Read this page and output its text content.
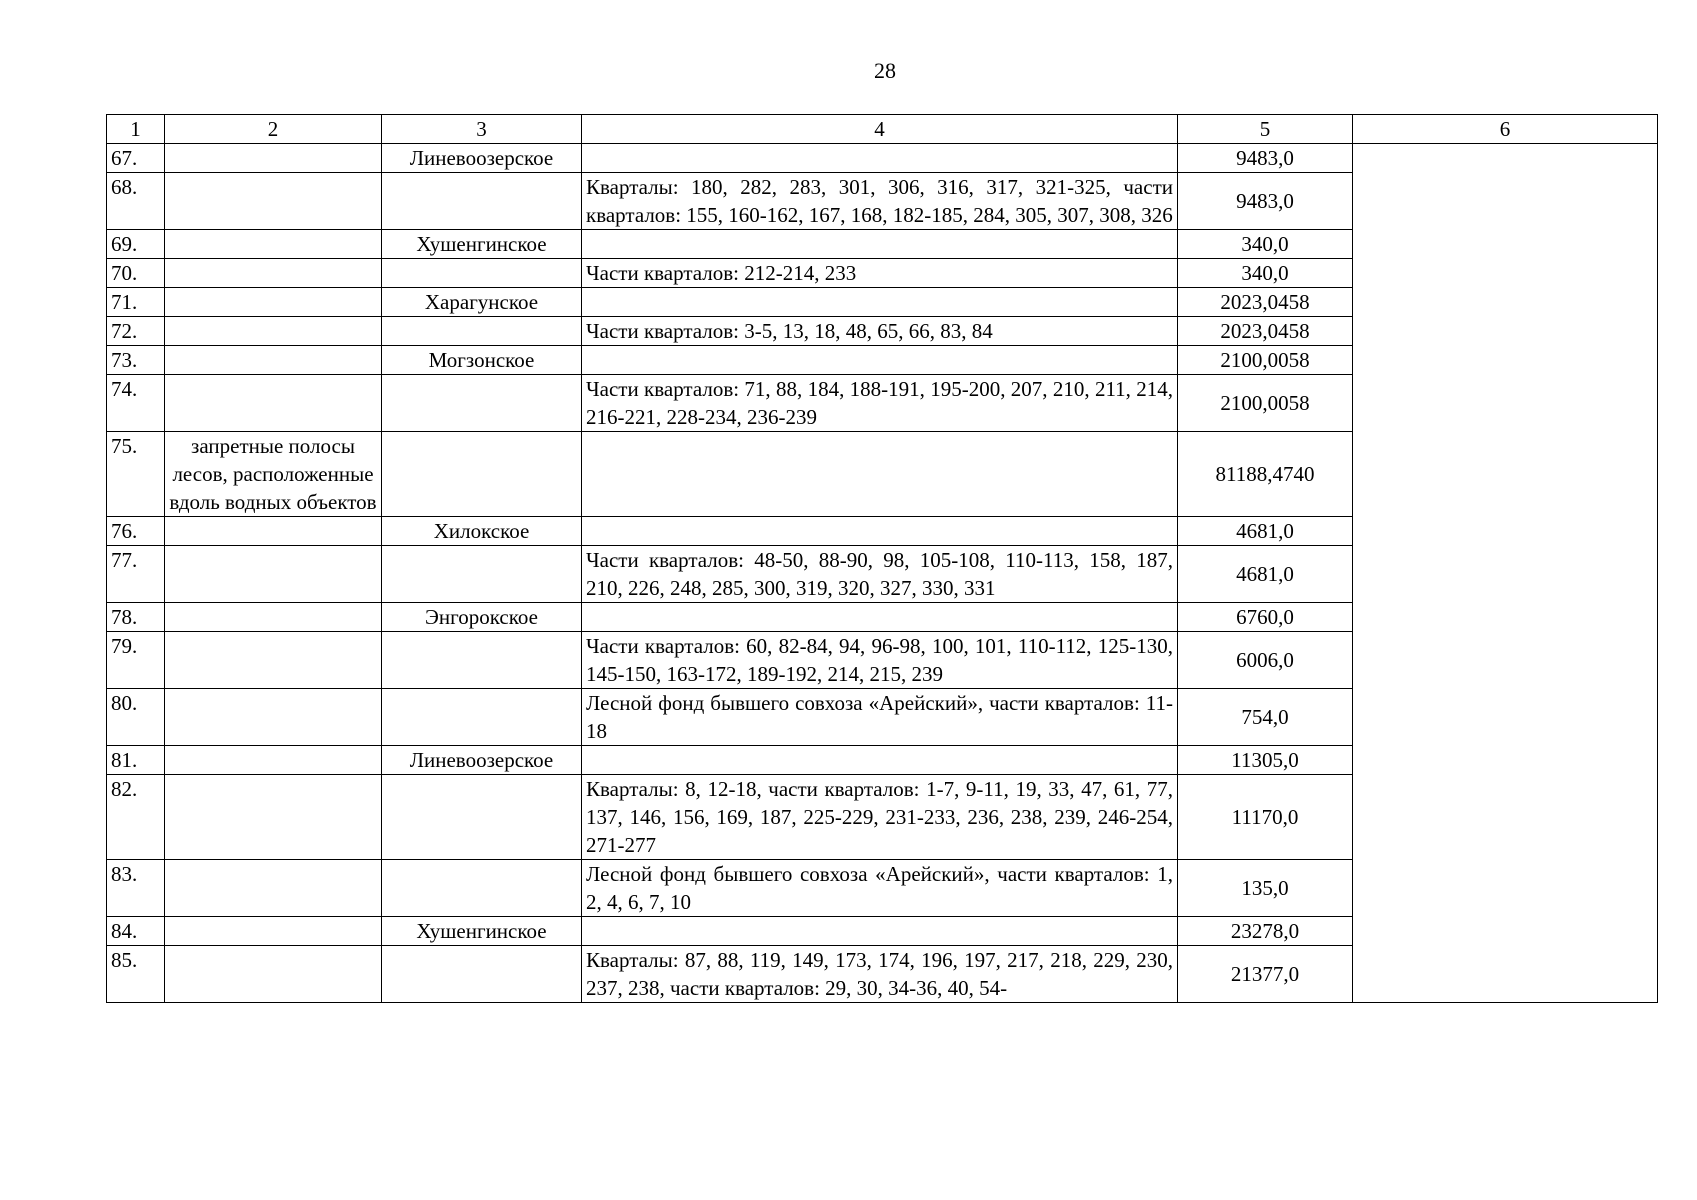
28
1	2	3	4	5	6
67.		Линевоозерское		9483,0	
68.			Кварталы: 180, 282, 283, 301, 306, 316, 317, 321-325, части кварталов: 155, 160-162, 167, 168, 182-185, 284, 305, 307, 308, 326	9483,0	
69.		Хушенгинское		340,0	
70.			Части кварталов: 212-214, 233	340,0	
71.		Харагунское		2023,0458	
72.			Части кварталов: 3-5, 13, 18, 48, 65, 66, 83, 84	2023,0458	
73.		Могзонское		2100,0058	
74.			Части кварталов: 71, 88, 184, 188-191, 195-200, 207, 210, 211, 214, 216-221, 228-234, 236-239	2100,0058	
75.	запретные полосы лесов, расположенные вдоль водных объектов			81188,4740	
76.		Хилокское		4681,0	
77.			Части кварталов: 48-50, 88-90, 98, 105-108, 110-113, 158, 187, 210, 226, 248, 285, 300, 319, 320, 327, 330, 331	4681,0	
78.		Энгорокское		6760,0	
79.			Части кварталов: 60, 82-84, 94, 96-98, 100, 101, 110-112, 125-130, 145-150, 163-172, 189-192, 214, 215, 239	6006,0	
80.			Лесной фонд бывшего совхоза «Арейский», части кварталов: 11-18	754,0	
81.		Линевоозерское		11305,0	
82.			Кварталы: 8, 12-18, части кварталов: 1-7, 9-11, 19, 33, 47, 61, 77, 137, 146, 156, 169, 187, 225-229, 231-233, 236, 238, 239, 246-254, 271-277	11170,0	
83.			Лесной фонд бывшего совхоза «Арейский», части кварталов: 1, 2, 4, 6, 7, 10	135,0	
84.		Хушенгинское		23278,0	
85.			Кварталы: 87, 88, 119, 149, 173, 174, 196, 197, 217, 218, 229, 230, 237, 238, части кварталов: 29, 30, 34-36, 40, 54-	21377,0	
